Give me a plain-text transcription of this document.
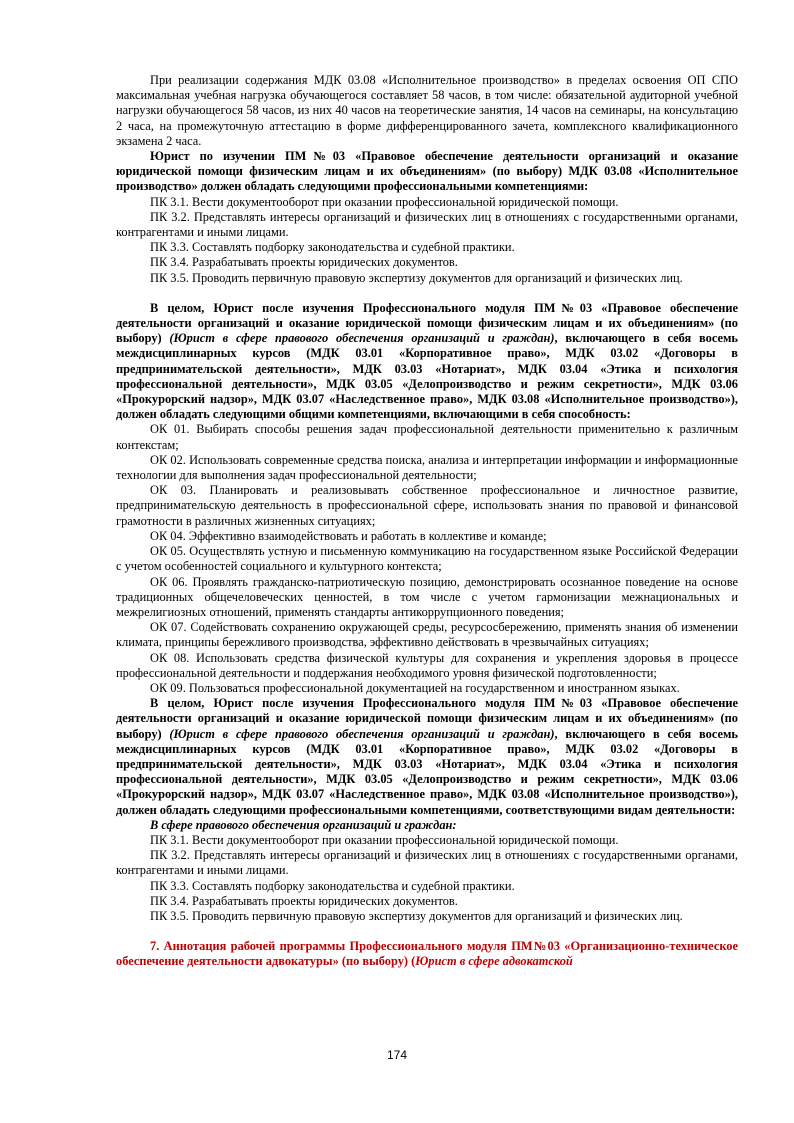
При реализации содержания МДК 03.08 «Исполнительное производство» в пределах освоения ОП СПО максимальная учебная нагрузка обучающегося составляет 58 часов, в том числе: обязательной аудиторной учебной нагрузки обучающегося 58 часов, из них 40 часов на теоретические занятия, 14 часов на семинары, на консультацию 2 часа, на промежуточную аттестацию в форме дифференцированного зачета, комплексного квалификационного экзамена 2 часа.

Юрист по изучении ПМ№03 «Правовое обеспечение деятельности организаций и оказание юридической помощи физическим лицам и их объединениям» (по выбору) МДК 03.08 «Исполнительное производство» должен обладать следующими профессиональными компетенциями:

ПК 3.1. Вести документооборот при оказании профессиональной юридической помощи.

ПК 3.2. Представлять интересы организаций и физических лиц в отношениях с государственными органами, контрагентами и иными лицами.

ПК 3.3. Составлять подборку законодательства и судебной практики.

ПК 3.4. Разрабатывать проекты юридических документов.

ПК 3.5. Проводить первичную правовую экспертизу документов для организаций и физических лиц.

В целом, Юрист после изучения Профессионального модуля ПМ№03 «Правовое обеспечение деятельности организаций и оказание юридической помощи физическим лицам и их объединениям» (по выбору) (Юрист в сфере правового обеспечения организаций и граждан), включающего в себя восемь междисциплинарных курсов (МДК 03.01 «Корпоративное право», МДК 03.02 «Договоры в предпринимательской деятельности», МДК 03.03 «Нотариат», МДК 03.04 «Этика и психология профессиональной деятельности», МДК 03.05 «Делопроизводство и режим секретности», МДК 03.06 «Прокурорский надзор», МДК 03.07 «Наследственное право», МДК 03.08 «Исполнительное производство»), должен обладать следующими общими компетенциями, включающими в себя способность:

ОК 01. Выбирать способы решения задач профессиональной деятельности применительно к различным контекстам;

ОК 02. Использовать современные средства поиска, анализа и интерпретации информации и информационные технологии для выполнения задач профессиональной деятельности;

ОК 03. Планировать и реализовывать собственное профессиональное и личностное развитие, предпринимательскую деятельность в профессиональной сфере, использовать знания по правовой и финансовой грамотности в различных жизненных ситуациях;

ОК 04. Эффективно взаимодействовать и работать в коллективе и команде;

ОК 05. Осуществлять устную и письменную коммуникацию на государственном языке Российской Федерации с учетом особенностей социального и культурного контекста;

ОК 06. Проявлять гражданско-патриотическую позицию, демонстрировать осознанное поведение на основе традиционных общечеловеческих ценностей, в том числе с учетом гармонизации межнациональных и межрелигиозных отношений, применять стандарты антикоррупционного поведения;

ОК 07. Содействовать сохранению окружающей среды, ресурсосбережению, применять знания об изменении климата, принципы бережливого производства, эффективно действовать в чрезвычайных ситуациях;

ОК 08. Использовать средства физической культуры для сохранения и укрепления здоровья в процессе профессиональной деятельности и поддержания необходимого уровня физической подготовленности;

ОК 09. Пользоваться профессиональной документацией на государственном и иностранном языках.

В целом, Юрист после изучения Профессионального модуля ПМ№03 «Правовое обеспечение деятельности организаций и оказание юридической помощи физическим лицам и их объединениям» (по выбору) (Юрист в сфере правового обеспечения организаций и граждан), включающего в себя восемь междисциплинарных курсов (МДК 03.01 «Корпоративное право», МДК 03.02 «Договоры в предпринимательской деятельности», МДК 03.03 «Нотариат», МДК 03.04 «Этика и психология профессиональной деятельности», МДК 03.05 «Делопроизводство и режим секретности», МДК 03.06 «Прокурорский надзор», МДК 03.07 «Наследственное право», МДК 03.08 «Исполнительное производство»), должен обладать следующими профессиональными компетенциями, соответствующими видам деятельности:

В сфере правового обеспечения организаций и граждан:

ПК 3.1. Вести документооборот при оказании профессиональной юридической помощи.

ПК 3.2. Представлять интересы организаций и физических лиц в отношениях с государственными органами, контрагентами и иными лицами.

ПК 3.3. Составлять подборку законодательства и судебной практики.

ПК 3.4. Разрабатывать проекты юридических документов.

ПК 3.5. Проводить первичную правовую экспертизу документов для организаций и физических лиц.

7. Аннотация рабочей программы Профессионального модуля ПМ№03 «Организационно-техническое обеспечение деятельности адвокатуры» (по выбору) (Юрист в сфере адвокатской

174
